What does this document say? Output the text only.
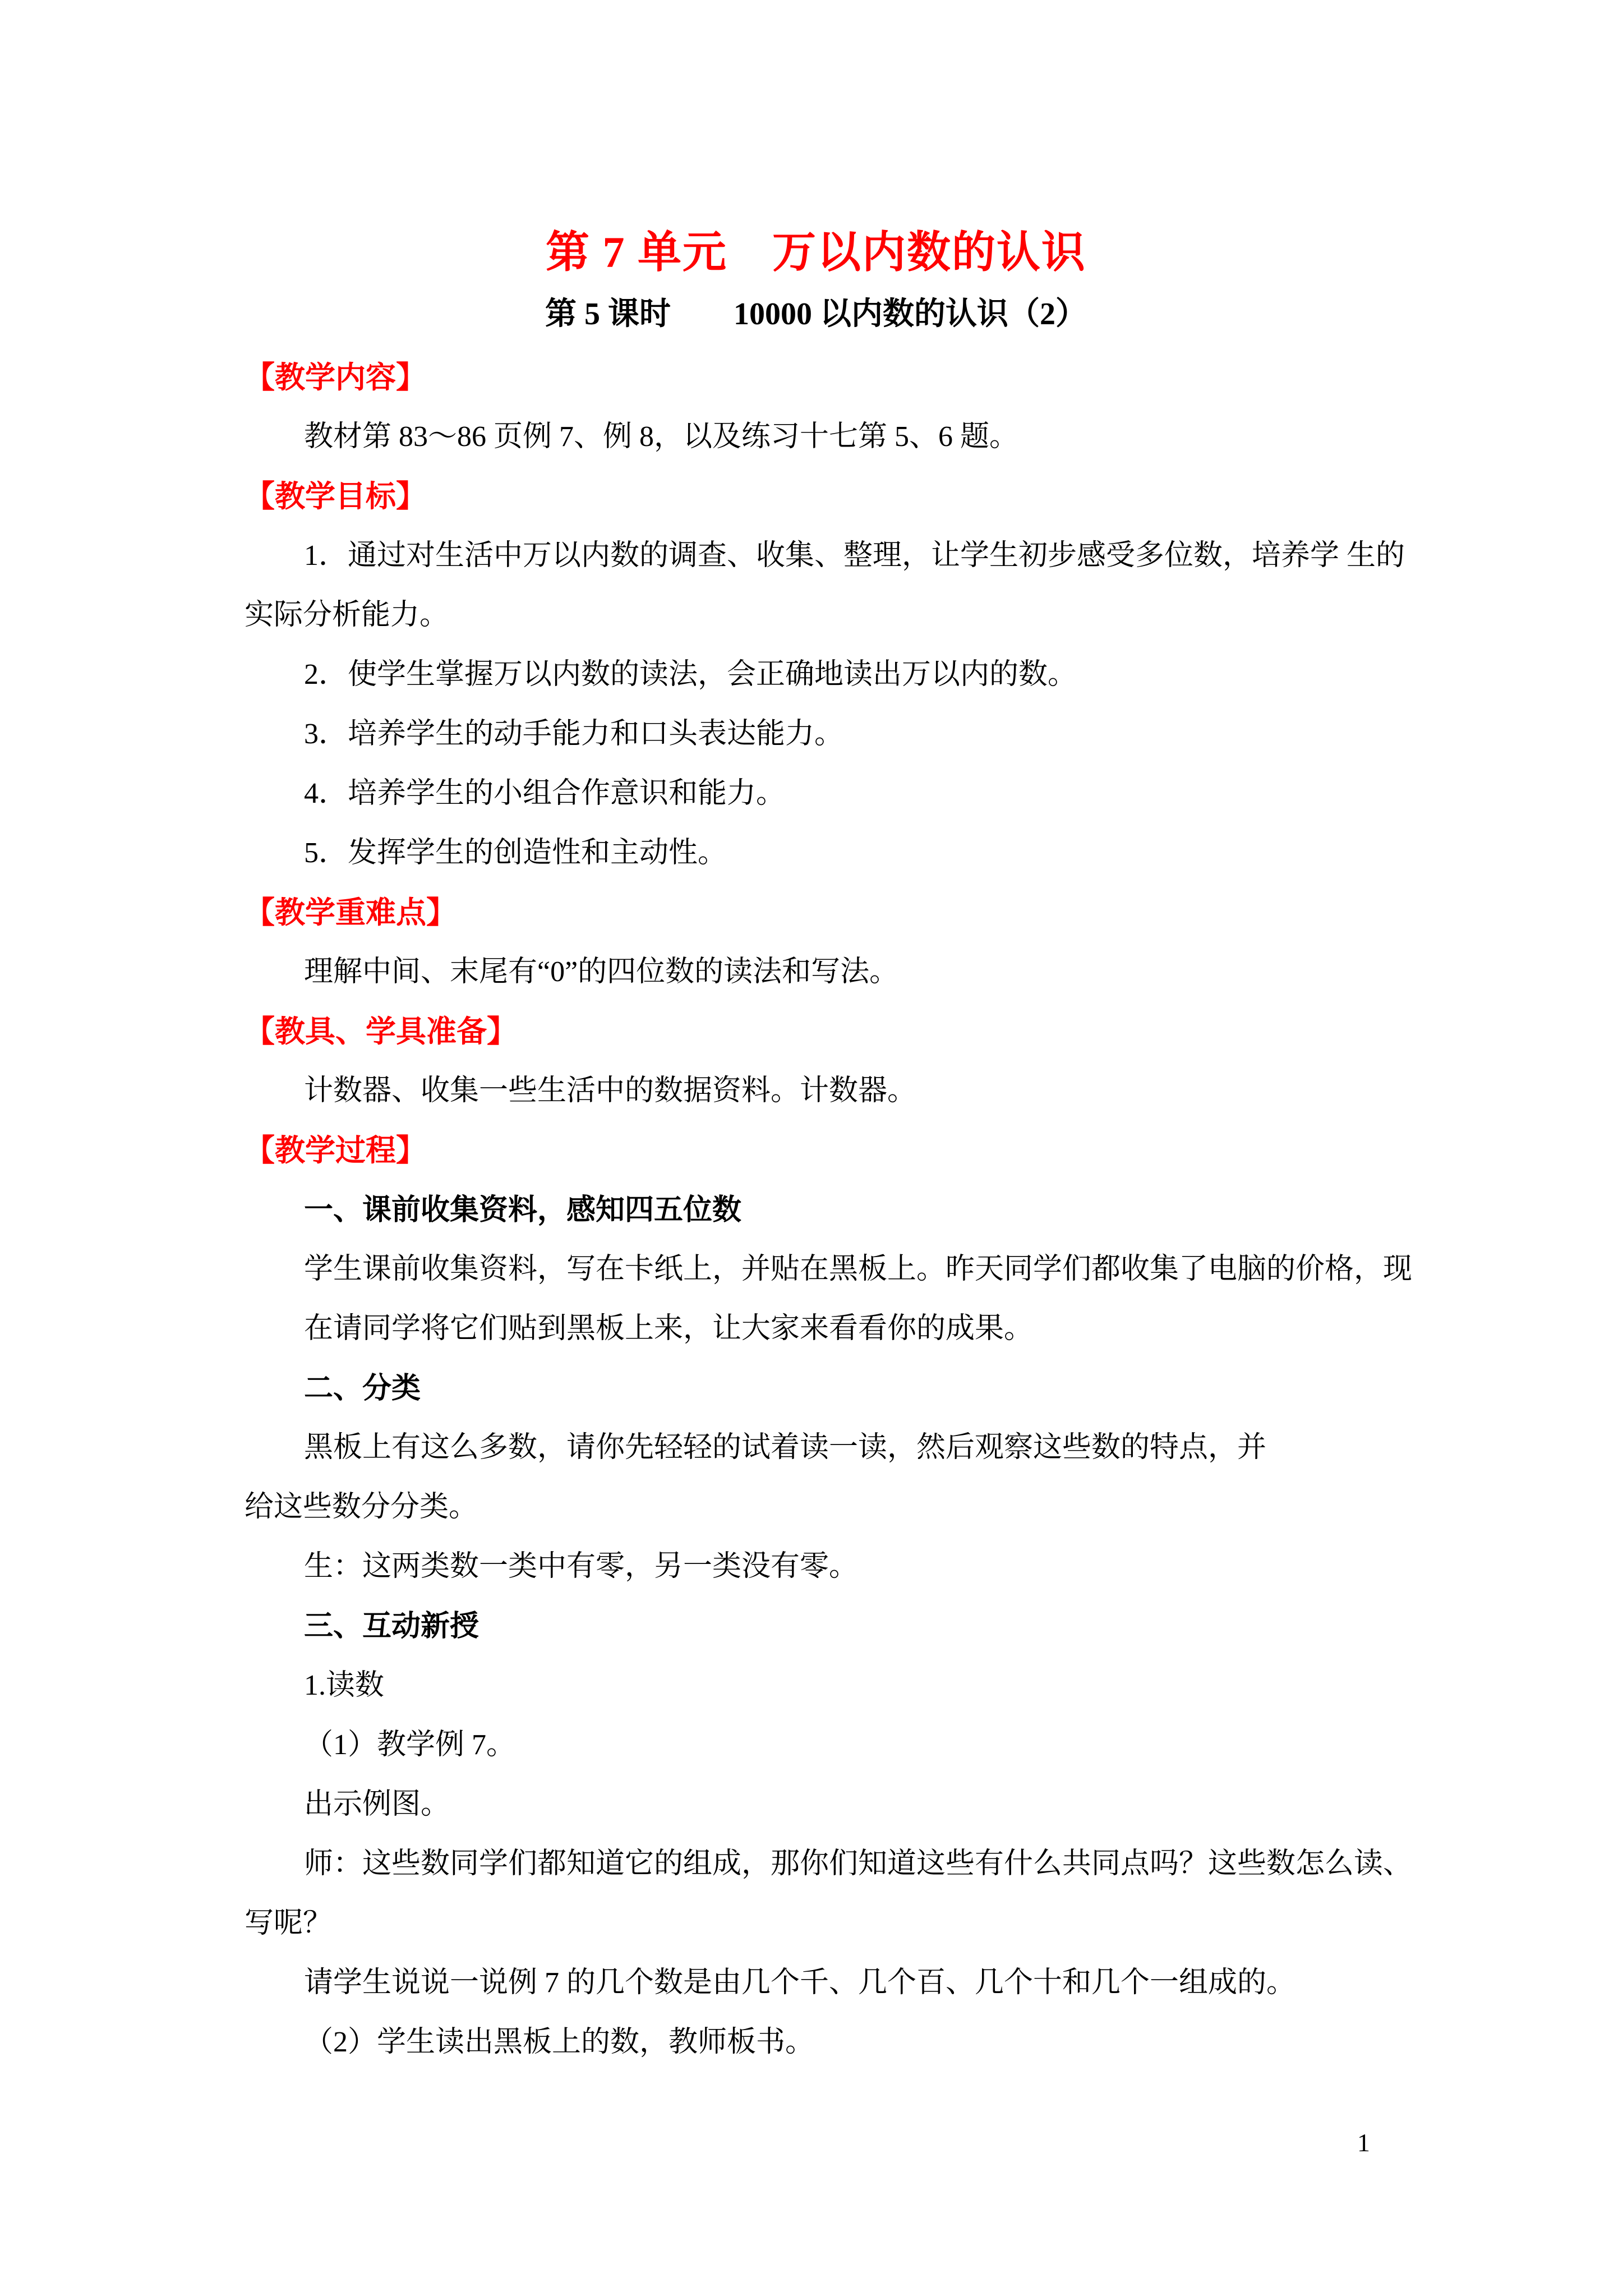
第 7 单元　万以内数的认识
第 5 课时　　10000 以内数的认识（2）
【教学内容】
教材第 83～86 页例 7、例 8，以及练习十七第 5、6 题。
【教学目标】
1．通过对生活中万以内数的调查、收集、整理，让学生初步感受多位数，培养学 生的
实际分析能力。
2．使学生掌握万以内数的读法，会正确地读出万以内的数。
3．培养学生的动手能力和口头表达能力。
4．培养学生的小组合作意识和能力。
5．发挥学生的创造性和主动性。
【教学重难点】
理解中间、末尾有“0”的四位数的读法和写法。
【教具、学具准备】
计数器、收集一些生活中的数据资料。计数器。
【教学过程】
一、课前收集资料，感知四五位数
学生课前收集资料，写在卡纸上，并贴在黑板上。昨天同学们都收集了电脑的价格，现
在请同学将它们贴到黑板上来，让大家来看看你的成果。
二、分类
黑板上有这么多数，请你先轻轻的试着读一读，然后观察这些数的特点，并
给这些数分分类。
生：这两类数一类中有零，另一类没有零。
三、互动新授
1.读数
（1）教学例 7。
出示例图。
师：这些数同学们都知道它的组成，那你们知道这些有什么共同点吗？这些数怎么读、
写呢？
请学生说说一说例 7 的几个数是由几个千、几个百、几个十和几个一组成的。
（2）学生读出黑板上的数，教师板书。
1
